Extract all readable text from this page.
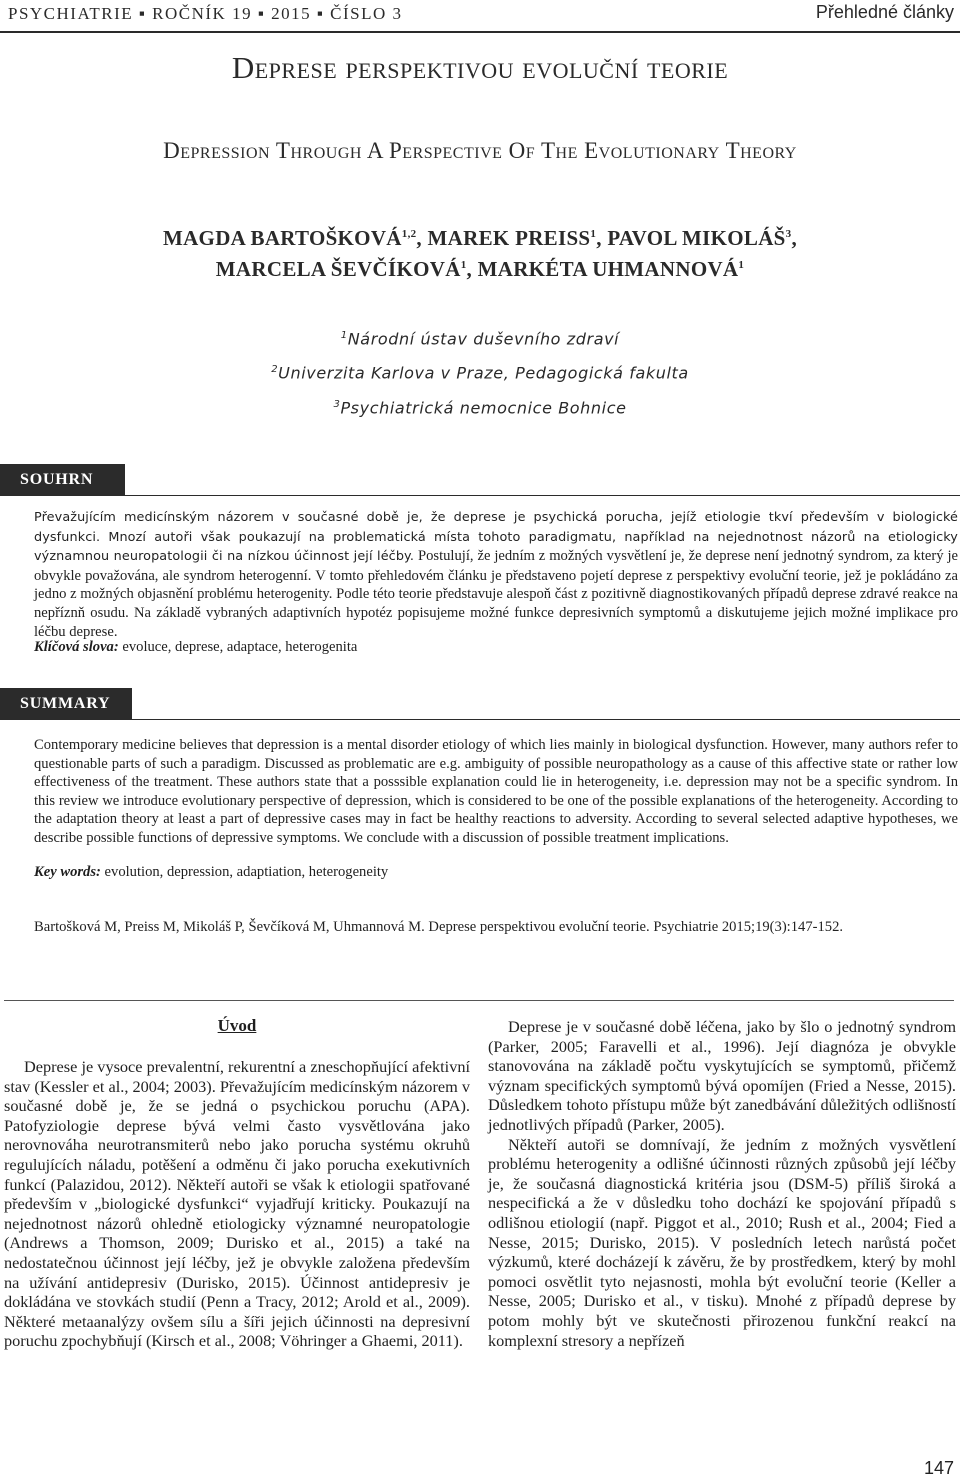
PSYCHIATRIE ▪ ROČNÍK 19 ▪ 2015 ▪ ČÍSLO 3	Přehledné články
Deprese perspektivou evoluční teorie
Depression Through A Perspective Of The Evolutionary Theory
MAGDA BARTOŠKOVÁ$^{1,2}$, MAREK PREISS$^1$, PAVOL MIKOLÁŠ$^3$,
MARCELA ŠEVČÍKOVÁ$^1$, MARKÉTA UHMANNOVÁ$^1$
$^1$Národní ústav duševního zdraví
$^2$Univerzita Karlova v Praze, Pedagogická fakulta
$^3$Psychiatrická nemocnice Bohnice
SOUHRN
Převažujícím medicínským názorem v současné době je, že deprese je psychická porucha, jejíž etiologie tkví především v biologické dysfunkci. Mnozí autoři však poukazují na problematická místa tohoto paradigmatu, například na nejednotnost názorů na etiologicky významnou neuropatologii či na nízkou účinnost její léčby. Postulují, že jedním z možných vysvětlení je, že deprese není jednotný syndrom, za který je obvykle považována, ale syndrom heterogenní. V tomto přehledovém článku je představeno pojetí deprese z perspektivy evoluční teorie, jež je pokládáno za jedno z možných objasnění problému heterogenity. Podle této teorie představuje alespoň část z pozitivně diagnostikovaných případů deprese zdravé reakce na nepříznň osudu. Na základě vybraných adaptivních hypotéz popisujeme možné funkce depresivních symptomů a diskutujeme jejich možné implikace pro léčbu deprese.
Klíčová slova: evoluce, deprese, adaptace, heterogenita
SUMMARY
Contemporary medicine believes that depression is a mental disorder etiology of which lies mainly in biological dysfunction. However, many authors refer to questionable parts of such a paradigm. Discussed as problematic are e.g. ambiguity of possible neuropathology as a cause of this affective state or rather low effectiveness of the treatment. These authors state that a posssible explanation could lie in heterogeneity, i.e. depression may not be a specific syndrom. In this review we introduce evolutionary perspective of depression, which is considered to be one of the possible explanations of the heterogeneity. According to the adaptation theory at least a part of depressive cases may in fact be healthy reactions to adversity. According to several selected adaptive hypotheses, we describe possible functions of depressive symptoms. We conclude with a discussion of possible treatment implications.
Key words: evolution, depression, adaptiation, heterogeneity
Bartošková M, Preiss M, Mikoláš P, Ševčíková M, Uhmannová M. Deprese perspektivou evoluční teorie. Psychiatrie 2015;19(3):147-152.
Úvod

Deprese je vysoce prevalentní, rekurentní a zneschopňující afektivní stav (Kessler et al., 2004; 2003). Převažujícím medicínským názorem v současné době je, že se jedná o psychickou poruchu (APA). Patofyziologie deprese bývá velmi často vysvětlována jako nerovnováha neurotransmiterů nebo jako porucha systému okruhů regulujících náladu, potěšení a odměnu či jako porucha exekutivních funkcí (Palazidou, 2012). Někteří autoři se však k etiologii spatřované především v „biologické dysfunkci“ vyjadřují kriticky. Poukazují na nejednotnost názorů ohledně etiologicky významné neuropatologie (Andrews a Thomson, 2009; Durisko et al., 2015) a také na nedostatečnou účinnost její léčby, jež je obvykle založena především na užívání antidepresiv (Durisko, 2015). Účinnost antidepresiv je dokládána ve stovkách studií (Penn a Tracy, 2012; Arold et al., 2009). Některé metaanalýzy ovšem sílu a šíři jejich účinnosti na depresivní poruchu zpochybňují (Kirsch et al., 2008; Vöhringer a Ghaemi, 2011).

Deprese je v současné době léčena, jako by šlo o jednotný syndrom (Parker, 2005; Faravelli et al., 1996). Její diagnóza je obvykle stanovována na základě počtu vyskytujících se symptomů, přičemž význam specifických symptomů bývá opomíjen (Fried a Nesse, 2015). Důsledkem tohoto přístupu může být zanedbávání důležitých odlišností jednotlivých případů (Parker, 2005).

Někteří autoři se domnívají, že jedním z možných vysvětlení problému heterogenity a odlišné účinnosti různých způsobů její léčby je, že současná diagnostická kritéria jsou (DSM-5) příliš široká a nespecifická a že v důsledku toho dochází ke spojování případů s odlišnou etiologií (např. Piggot et al., 2010; Rush et al., 2004; Fied a Nesse, 2015; Durisko, 2015). V posledních letech narůstá počet výzkumů, které docházejí k závěru, že by prostředkem, který by mohl pomoci osvětlit tyto nejasnosti, mohla být evoluční teorie (Keller a Nesse, 2005; Durisko et al., v tisku). Mnohé z případů deprese by potom mohly být ve skutečnosti přirozenou funkční reakcí na komplexní stresory a nepřízeň

147
